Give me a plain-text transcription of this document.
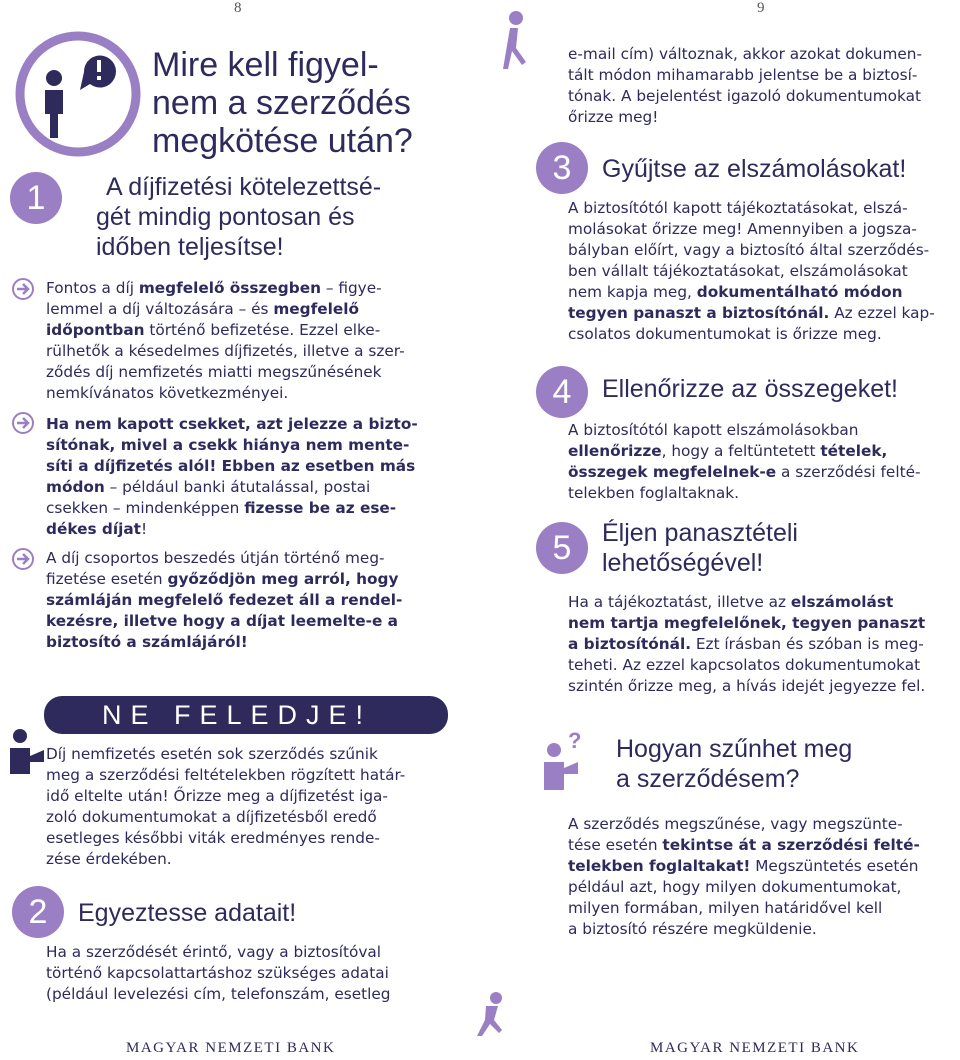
8	9
Mire kell figyel-
nem a szerződés
megkötése után?
1	A díjfizetési kötelezettsé-
gét mindig pontosan és
időben teljesítse!

Fontos a díj megfelelő összegben – figye-

lemmel a díj változására – és megfelelő

időpontban történő befizetése. Ezzel elke-

rülhetők a késedelmes díjfizetés, illetve a szer-

ződés díj nemfizetés miatti megszűnésének

nemkívánatos következményei.

Ha nem kapott csekket, azt jelezze a bizto-

sítónak, mivel a csekk hiánya nem mente-

síti a díjfizetés alól! Ebben az esetben más

módon – például banki átutalással, postai

csekken – mindenképpen fizesse be az ese-

dékes díjat!

A díj csoportos beszedés útján történő meg-

fizetése esetén győződjön meg arról, hogy

számláján megfelelő fedezet áll a rendel-

kezésre, illetve hogy a díjat leemelte-e a

biztosító a számlájáról!

NE FELEDJE!

Díj nemfizetés esetén sok szerződés szűnik

meg a szerződési feltételekben rögzített határ-

idő eltelte után! Őrizze meg a díjfizetést iga-

zoló dokumentumokat a díjfizetésből eredő

esetleges későbbi viták eredményes rende-

zése érdekében.

2	Egyeztesse adatait!

Ha a szerződését érintő, vagy a biztosítóval

történő kapcsolattartáshoz szükséges adatai

(például levelezési cím, telefonszám, esetleg

MAGYAR NEMZETI BANK

e-mail cím) változnak, akkor azokat dokumen-

tált módon mihamarabb jelentse be a biztosí-

tónak. A bejelentést igazoló dokumentumokat

őrizze meg!

3	Gyűjtse az elszámolásokat!

A biztosítótól kapott tájékoztatásokat, elszá-

molásokat őrizze meg! Amennyiben a jogsza-

bályban előírt, vagy a biztosító által szerződés-

ben vállalt tájékoztatásokat, elszámolásokat

nem kapja meg, dokumentálható módon

tegyen panaszt a biztosítónál. Az ezzel kap-

csolatos dokumentumokat is őrizze meg.

4	Ellenőrizze az összegeket!

A biztosítótól kapott elszámolásokban

ellenőrizze, hogy a feltüntetett tételek,

összegek megfelelnek-e a szerződési felté-

telekben foglaltaknak.

5	Éljen panasztételi
lehetőségével!

Ha a tájékoztatást, illetve az elszámolást

nem tartja megfelelőnek, tegyen panaszt

a biztosítónál. Ezt írásban és szóban is meg-

teheti. Az ezzel kapcsolatos dokumentumokat

szintén őrizze meg, a hívás idejét jegyezze fel.

? Hogyan szűnhet meg
a szerződésem?

A szerződés megszűnése, vagy megszünte-

tése esetén tekintse át a szerződési felté-

telekben foglaltakat! Megszüntetés esetén

például azt, hogy milyen dokumentumokat,

milyen formában, milyen határidővel kell

a biztosító részére megküldenie.

MAGYAR NEMZETI BANK
